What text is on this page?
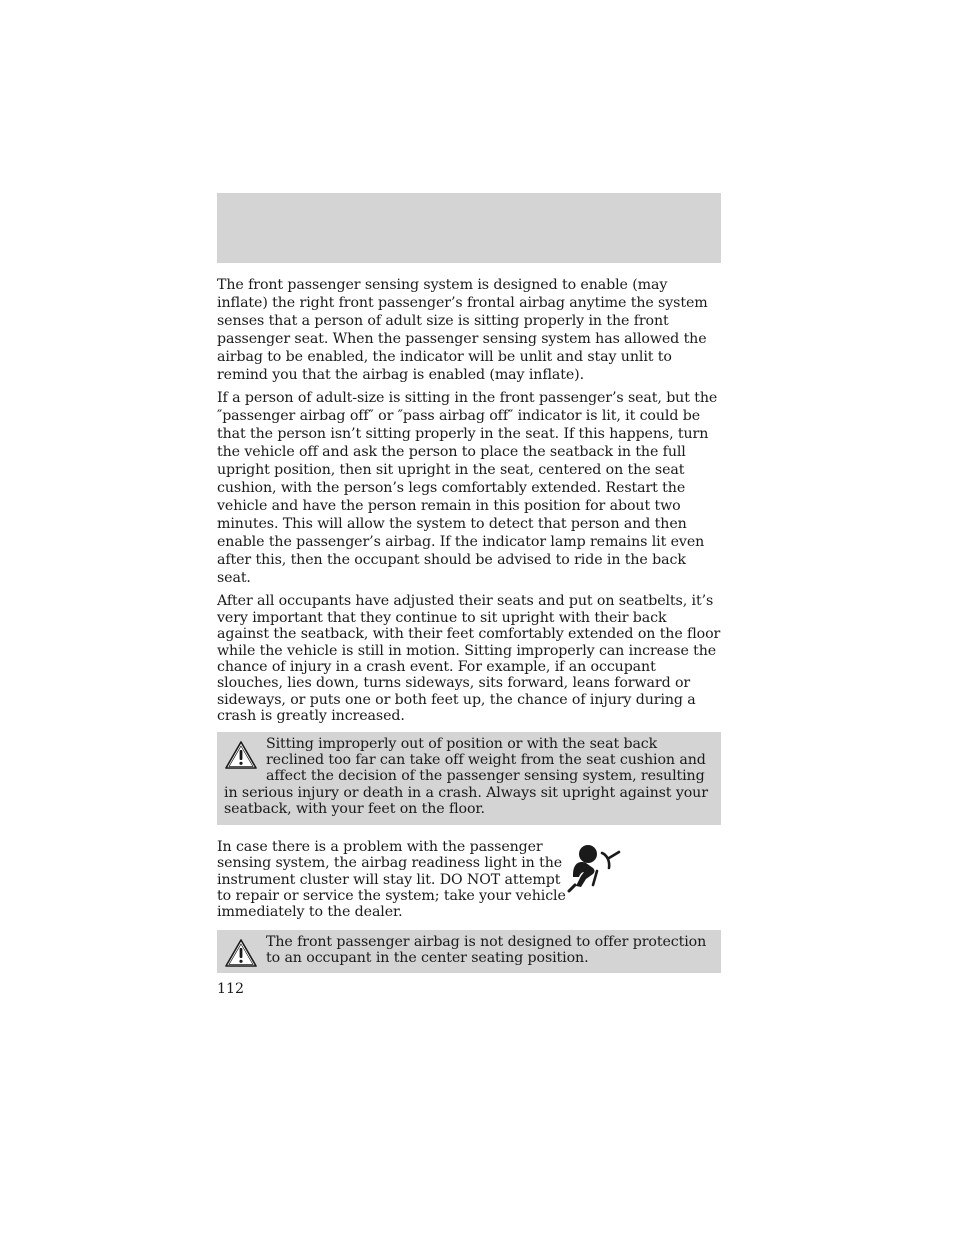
The front passenger sensing system is designed to enable (may inflate) the right front passenger’s frontal airbag anytime the system senses that a person of adult size is sitting properly in the front passenger seat. When the passenger sensing system has allowed the airbag to be enabled, the indicator will be unlit and stay unlit to remind you that the airbag is enabled (may inflate).

If a person of adult-size is sitting in the front passenger’s seat, but the ″passenger airbag off″ or ″pass airbag off″ indicator is lit, it could be that the person isn’t sitting properly in the seat. If this happens, turn the vehicle off and ask the person to place the seatback in the full upright position, then sit upright in the seat, centered on the seat cushion, with the person’s legs comfortably extended. Restart the vehicle and have the person remain in this position for about two minutes. This will allow the system to detect that person and then enable the passenger’s airbag. If the indicator lamp remains lit even after this, then the occupant should be advised to ride in the back seat.

After all occupants have adjusted their seats and put on seatbelts, it’s very important that they continue to sit upright with their back against the seatback, with their feet comfortably extended on the floor while the vehicle is still in motion. Sitting improperly can increase the chance of injury in a crash event. For example, if an occupant slouches, lies down, turns sideways, sits forward, leans forward or sideways, or puts one or both feet up, the chance of injury during a crash is greatly increased.

Sitting improperly out of position or with the seat back reclined too far can take off weight from the seat cushion and affect the decision of the passenger sensing system, resulting in serious injury or death in a crash. Always sit upright against your seatback, with your feet on the floor.

In case there is a problem with the passenger sensing system, the airbag readiness light in the instrument cluster will stay lit. DO NOT attempt to repair or service the system; take your vehicle immediately to the dealer.

The front passenger airbag is not designed to offer protection to an occupant in the center seating position.
112
